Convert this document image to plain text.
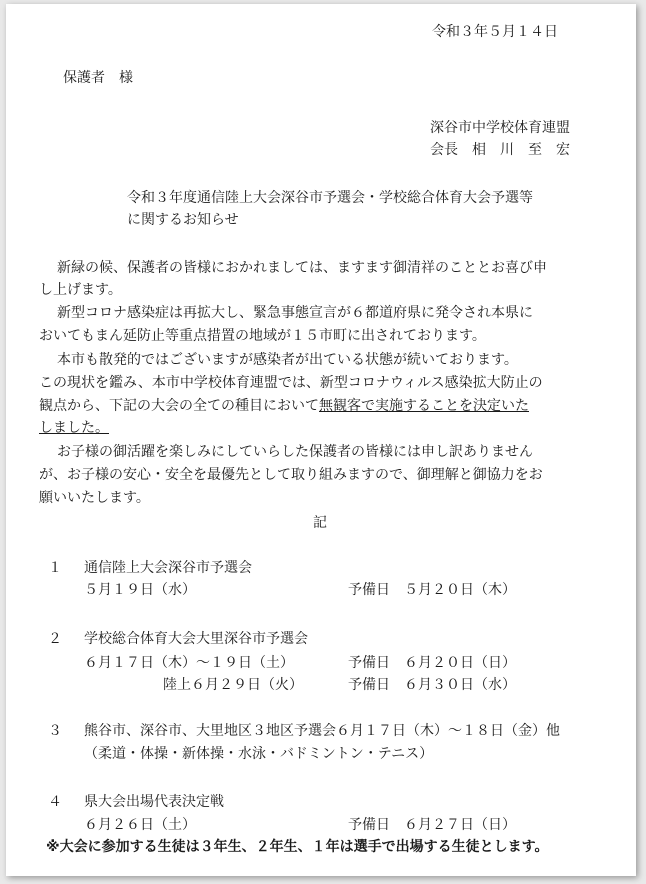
令和３年５月１４日
保護者　様
深谷市中学校体育連盟
会長　相　川　至　宏
令和３年度通信陸上大会深谷市予選会・学校総合体育大会予選等
に関するお知らせ
新緑の候、保護者の皆様におかれましては、ますます御清祥のこととお喜び申
し上げます。
新型コロナ感染症は再拡大し、緊急事態宣言が６都道府県に発令され本県に
おいてもまん延防止等重点措置の地域が１５市町に出されております。
本市も散発的ではございますが感染者が出ている状態が続いております。
この現状を鑑み、本市中学校体育連盟では、新型コロナウィルス感染拡大防止の
観点から、下記の大会の全ての種目において無観客で実施することを決定いた
しました。
お子様の御活躍を楽しみにしていらした保護者の皆様には申し訳ありません
が、お子様の安心・安全を最優先として取り組みますので、御理解と御協力をお
願いいたします。
記
１ 通信陸上大会深谷市予選会
５月１９日（水）	予備日　５月２０日（木）
２ 学校総合体育大会大里深谷市予選会
６月１７日（木）～１９日（土）	予備日　６月２０日（日）
陸上６月２９日（火）	予備日　６月３０日（水）
３ 熊谷市、深谷市、大里地区３地区予選会６月１７日（木）～１８日（金）他
（柔道・体操・新体操・水泳・バドミントン・テニス）
４ 県大会出場代表決定戦
６月２６日（土）	予備日　６月２７日（日）
※大会に参加する生徒は３年生、２年生、１年は選手で出場する生徒とします。
